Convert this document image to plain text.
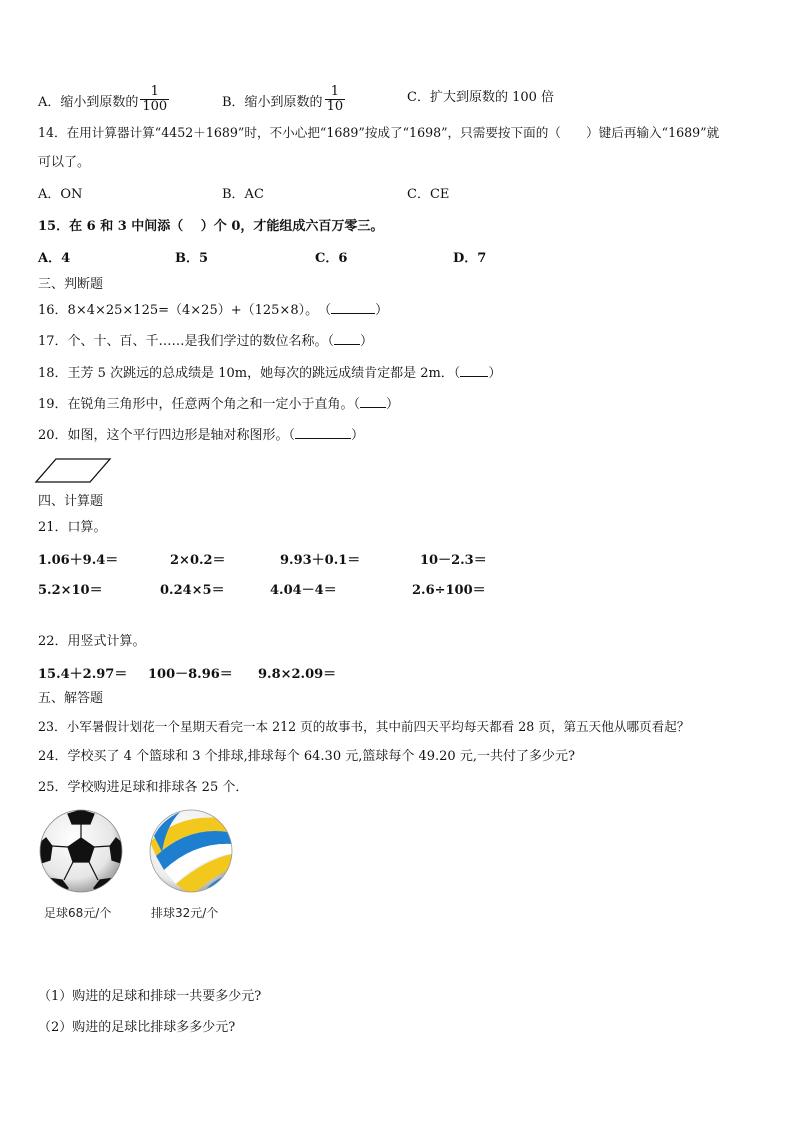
A．缩小到原数的 $\frac{1}{100}$	B．缩小到原数的 $\frac{1}{10}$	C．扩大到原数的 100 倍
14．在用计算器计算“4452＋1689”时，不小心把“1689”按成了“1698”，只需要按下面的（　　）键后再输入“1689”就
可以了。
A．ON	B．AC	C．CE
15．在 6 和 3 中间添（　 ）个 0，才能组成六百万零三。
A．4	B．5	C．6	D．7
三、判断题
16．8×4×25×125=（4×25）+（125×8）。　（	）
17．个、十、百、千……是我们学过的数位名称。（ ）
18．王芳 5 次跳远的总成绩是 10m，她每次的跳远成绩肯定都是 2m．（ ）
19．在锐角三角形中，任意两个角之和一定小于直角。（ ）
20．如图，这个平行四边形是轴对称图形。（	）
四、计算题
21．口算。
1.06＋9.4＝	2×0.2＝	9.93＋0.1＝	10－2.3＝
5.2×10＝	0.24×5＝	4.04－4＝	2.6÷100＝
22．用竖式计算。
15.4＋2.97＝ 100－8.96＝ 9.8×2.09＝
五、解答题
23．小军暑假计划花一个星期天看完一本 212 页的故事书，其中前四天平均每天都看 28 页，第五天他从哪页看起？
24．学校买了 4 个篮球和 3 个排球,排球每个 64.30 元,篮球每个 49.20 元,一共付了多少元?
25．学校购进足球和排球各 25 个．
足球68元/个	排球32元/个
（1）购进的足球和排球一共要多少元?
（2）购进的足球比排球多多少元?
